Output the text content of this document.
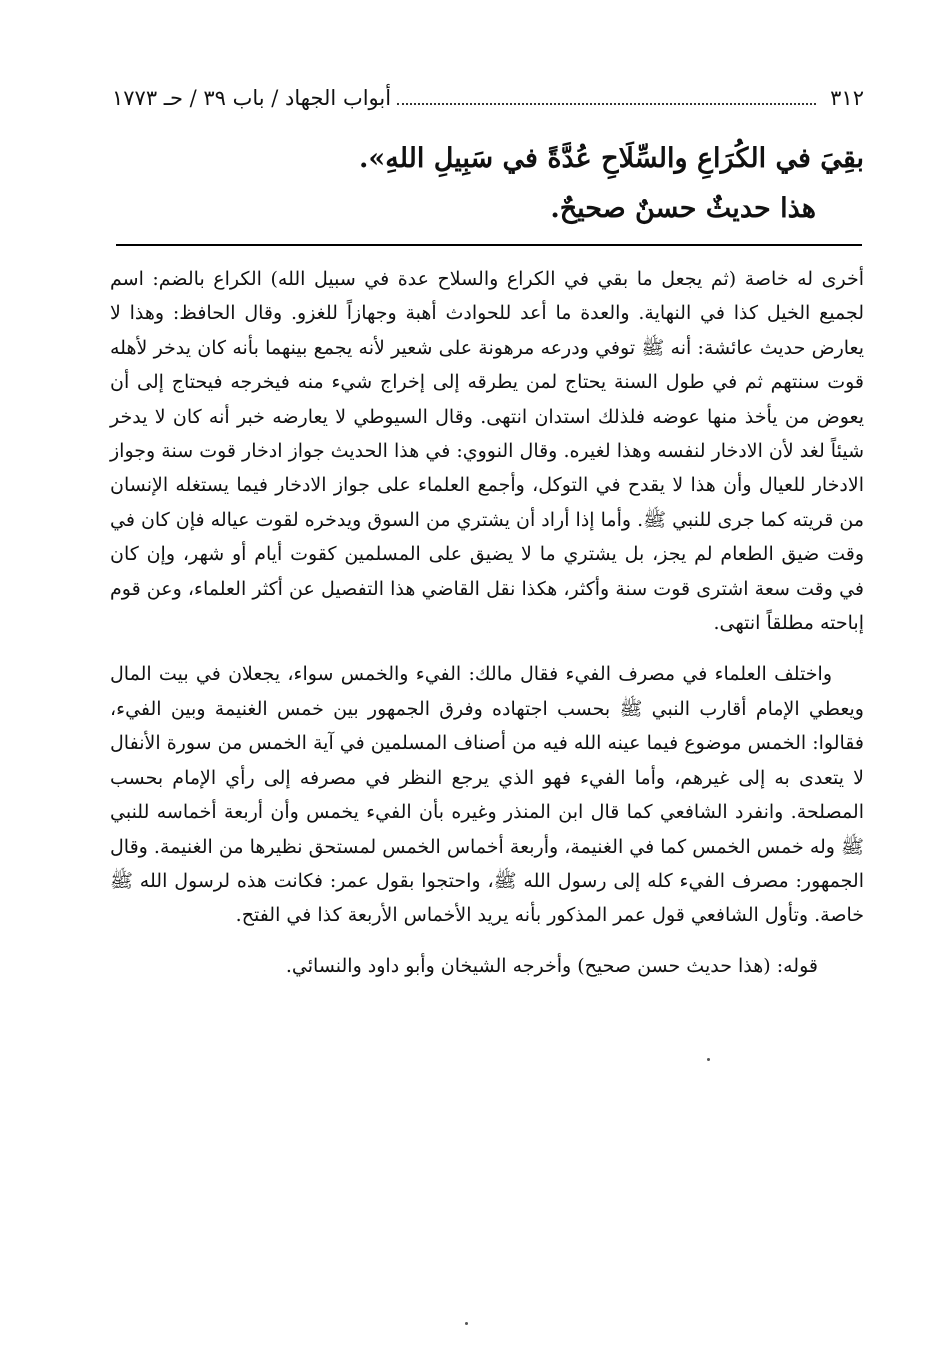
٣١٢
أبواب الجهاد / باب ٣٩ / حـ ١٧٧٣

بقِيَ في الكُرَاعِ والسِّلَاحِ عُدَّةً في سَبِيلِ اللهِ».

هذا حديثٌ حسنٌ صحيحٌ.

أخرى له خاصة (ثم يجعل ما بقي في الكراع والسلاح عدة في سبيل الله) الكراع بالضم: اسم لجميع الخيل كذا في النهاية. والعدة ما أعد للحوادث أهبة وجهازاً للغزو. وقال الحافظ: وهذا لا يعارض حديث عائشة: أنه ﷺ توفي ودرعه مرهونة على شعير لأنه يجمع بينهما بأنه كان يدخر لأهله قوت سنتهم ثم في طول السنة يحتاج لمن يطرقه إلى إخراج شيء منه فيخرجه فيحتاج إلى أن يعوض من يأخذ منها عوضه فلذلك استدان انتهى. وقال السيوطي لا يعارضه خبر أنه كان لا يدخر شيئاً لغد لأن الادخار لنفسه وهذا لغيره. وقال النووي: في هذا الحديث جواز ادخار قوت سنة وجواز الادخار للعيال وأن هذا لا يقدح في التوكل، وأجمع العلماء على جواز الادخار فيما يستغله الإنسان من قريته كما جرى للنبي ﷺ. وأما إذا أراد أن يشتري من السوق ويدخره لقوت عياله فإن كان في وقت ضيق الطعام لم يجز، بل يشتري ما لا يضيق على المسلمين كقوت أيام أو شهر، وإن كان في وقت سعة اشترى قوت سنة وأكثر، هكذا نقل القاضي هذا التفصيل عن أكثر العلماء، وعن قوم إباحته مطلقاً انتهى.

واختلف العلماء في مصرف الفيء فقال مالك: الفيء والخمس سواء، يجعلان في بيت المال ويعطي الإمام أقارب النبي ﷺ بحسب اجتهاده وفرق الجمهور بين خمس الغنيمة وبين الفيء، فقالوا: الخمس موضوع فيما عينه الله فيه من أصناف المسلمين في آية الخمس من سورة الأنفال لا يتعدى به إلى غيرهم، وأما الفيء فهو الذي يرجع النظر في مصرفه إلى رأي الإمام بحسب المصلحة. وانفرد الشافعي كما قال ابن المنذر وغيره بأن الفيء يخمس وأن أربعة أخماسه للنبي ﷺ وله خمس الخمس كما في الغنيمة، وأربعة أخماس الخمس لمستحق نظيرها من الغنيمة. وقال الجمهور: مصرف الفيء كله إلى رسول الله ﷺ، واحتجوا بقول عمر: فكانت هذه لرسول الله ﷺ خاصة. وتأول الشافعي قول عمر المذكور بأنه يريد الأخماس الأربعة كذا في الفتح.

قوله: (هذا حديث حسن صحيح) وأخرجه الشيخان وأبو داود والنسائي.
